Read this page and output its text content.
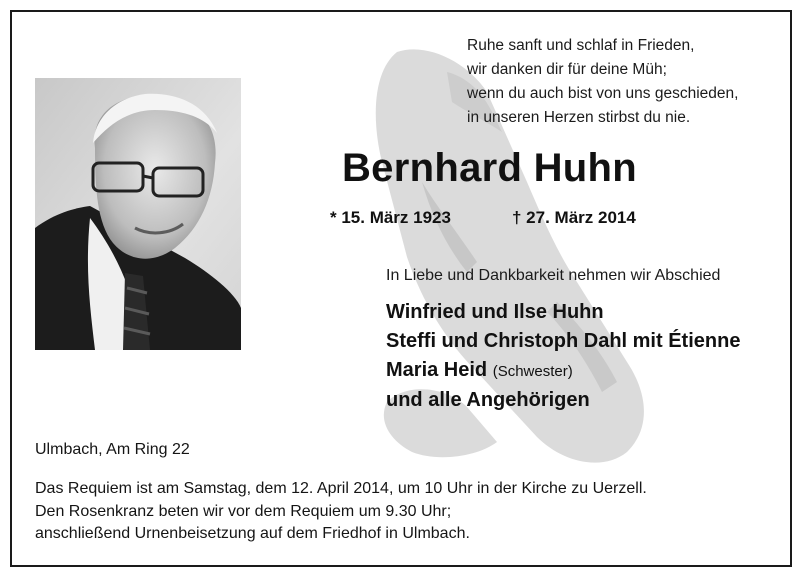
Ruhe sanft und schlaf in Frieden,
wir danken dir für deine Müh;
wenn du auch bist von uns geschieden,
in unseren Herzen stirbst du nie.
Bernhard Huhn
* 15. März 1923	† 27. März 2014
In Liebe und Dankbarkeit nehmen wir Abschied
Winfried und Ilse Huhn
Steffi und Christoph Dahl mit Étienne
Maria Heid (Schwester)
und alle Angehörigen
Ulmbach, Am Ring 22
Das Requiem ist am Samstag, dem 12. April 2014, um 10 Uhr in der Kirche zu Uerzell.
Den Rosenkranz beten wir vor dem Requiem um 9.30 Uhr;
anschließend Urnenbeisetzung auf dem Friedhof in Ulmbach.
